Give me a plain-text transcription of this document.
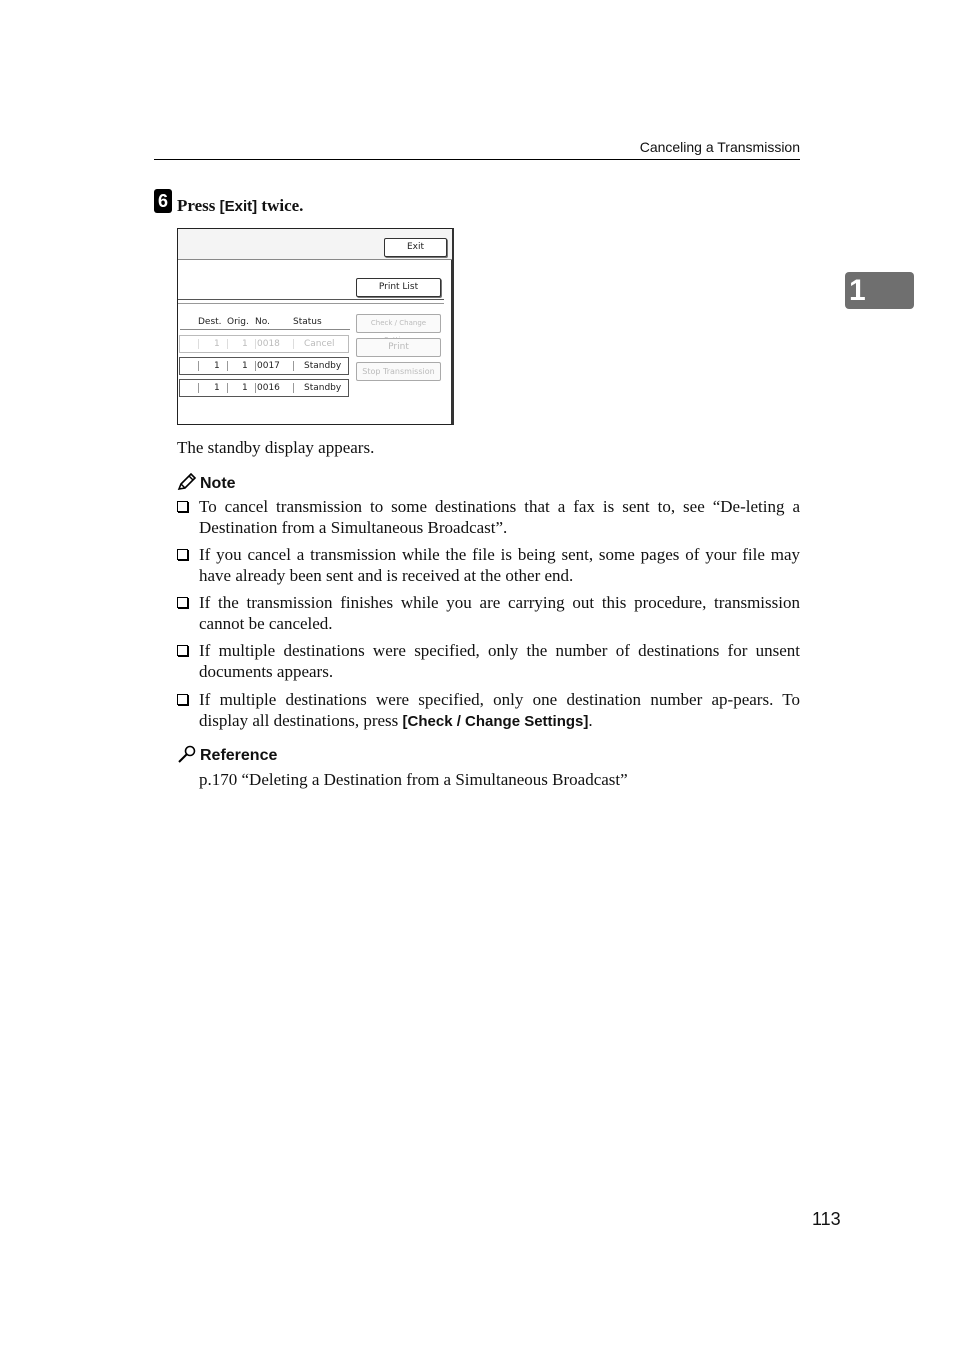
Canceling a Transmission
1
6 Press [Exit] twice.
Exit
Print List
Dest. Orig. No.	Status
1 1 0018	Cancel
1 1 0017	Standby
1 1 0016	Standby
Check / Change
Print
Stop Transmission
The standby display appears.
Note
To cancel transmission to some destinations that a fax is sent to, see “De-leting a Destination from a Simultaneous Broadcast”.
If you cancel a transmission while the file is being sent, some pages of your file may have already been sent and is received at the other end.
If the transmission finishes while you are carrying out this procedure, transmission cannot be canceled.
If multiple destinations were specified, only the number of destinations for unsent documents appears.
If multiple destinations were specified, only one destination number ap-pears. To display all destinations, press [Check / Change Settings].
Reference
p.170 “Deleting a Destination from a Simultaneous Broadcast”
113
